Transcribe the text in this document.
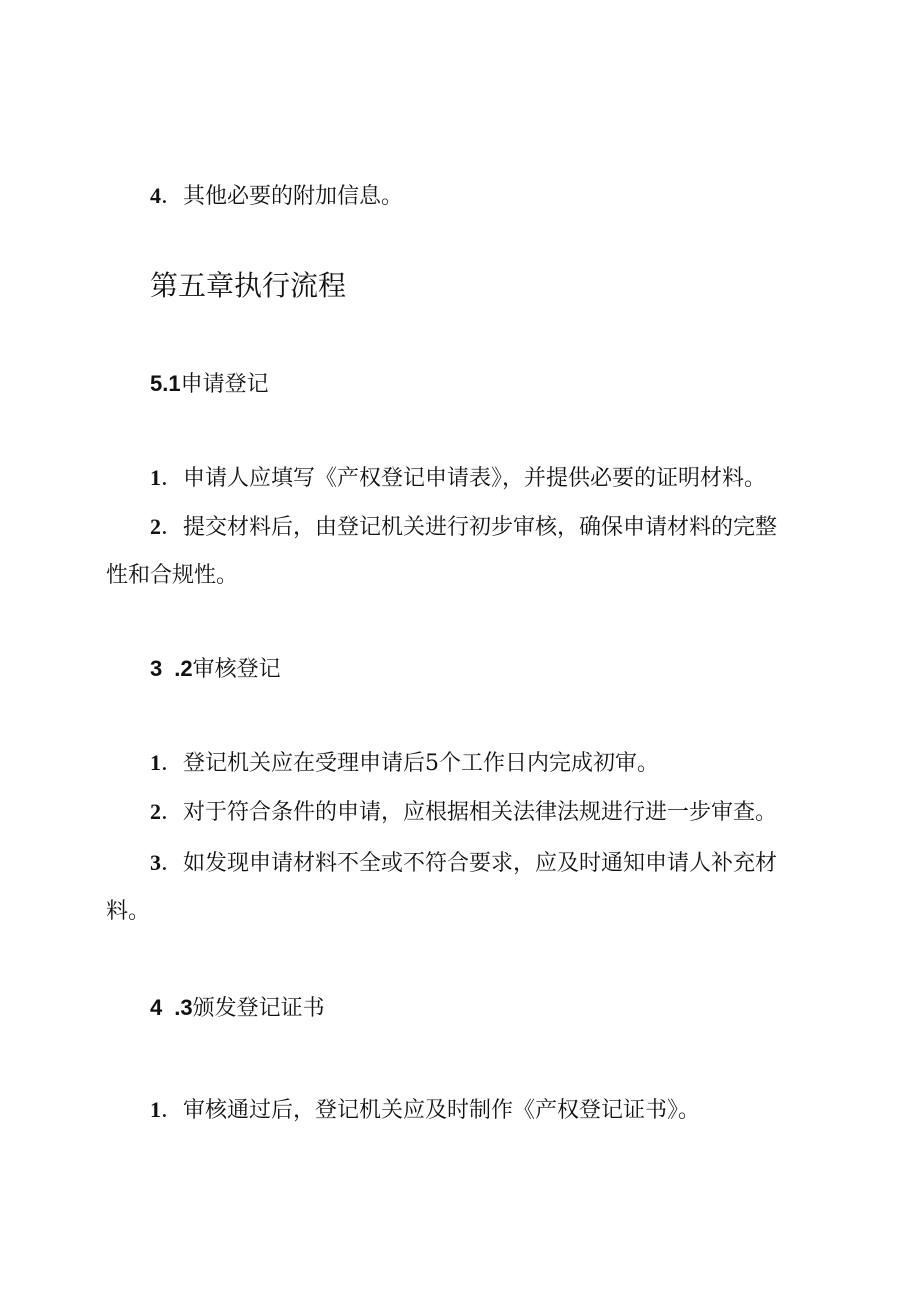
4．其他必要的附加信息。
第五章执行流程
5.1申请登记
1．申请人应填写《产权登记申请表》，并提供必要的证明材料。
2．提交材料后，由登记机关进行初步审核，确保申请材料的完整
性和合规性。
3 .2审核登记
1．登记机关应在受理申请后5个工作日内完成初审。
2．对于符合条件的申请，应根据相关法律法规进行进一步审查。
3．如发现申请材料不全或不符合要求，应及时通知申请人补充材
料。
4 .3颁发登记证书
1．审核通过后，登记机关应及时制作《产权登记证书》。
